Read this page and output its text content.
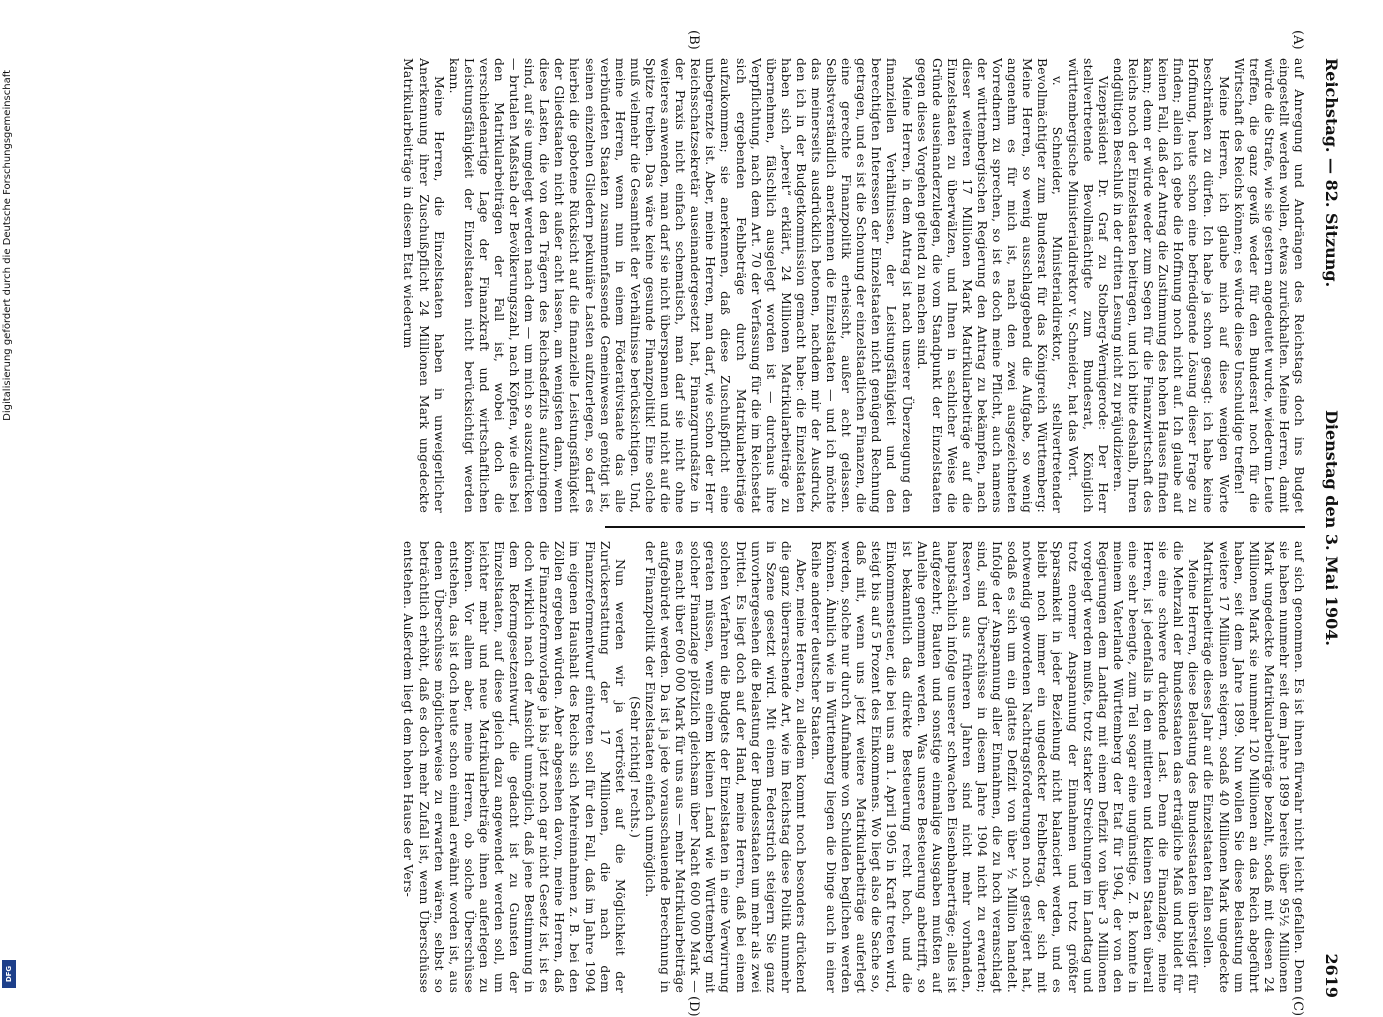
Reichstag. — 82. Sitzung.
Dienstag den 3. Mai 1904.
2619
(A)
(B)
(C)
(D)

auf Anregung und Andrängen des Reichstags doch ins Budget eingestellt werden wollen, etwas zurückhalten. Meine Herren, damit würde die Strafe, wie sie gestern angedeutet wurde, wiederum Leute treffen, die ganz gewiß weder für den Bundesrat noch für die Wirtschaft des Reichs können; es würde diese Unschuldige treffen!

Meine Herren, ich glaube mich auf diese wenigen Worte beschränken zu dürfen. Ich habe ja schon gesagt: ich habe keine Hoffnung, heute schon eine befriedigende Lösung dieser Frage zu finden; allein ich gebe die Hoffnung noch nicht auf. Ich glaube auf keinen Fall, daß der Antrag die Zustimmung des hohen Hauses finden kann; denn er würde weder zum Segen für die Finanzwirtschaft des Reichs noch der Einzelstaaten beitragen, und ich bitte deshalb, Ihren endgültigen Beschluß in der dritten Lesung nicht zu präjudizieren.

Vizepräsident Dr. Graf zu Stolberg-Wernigerode: Der Herr stellvertretende Bevollmächtigte zum Bundesrat, Königlich württembergische Ministerialdirektor v. Schneider, hat das Wort.

v. Schneider, Ministerialdirektor, stellvertretender Bevollmächtigter zum Bundesrat für das Königreich Württemberg: Meine Herren, so wenig ausschlaggebend die Aufgabe, so wenig angenehm es für mich ist, nach den zwei ausgezeichneten Vorrednern zu sprechen, so ist es doch meine Pflicht, auch namens der württembergischen Regierung den Antrag zu bekämpfen, nach dieser weiteren 17 Millionen Mark Matrikularbeiträge auf die Einzelstaaten zu überwälzen, und Ihnen in sachlicher Weise die Gründe auseinanderzulegen, die vom Standpunkt der Einzelstaaten gegen dieses Vorgehen geltend zu machen sind.

Meine Herren, in dem Antrag ist nach unserer Überzeugung den finanziellen Verhältnissen, der Leistungsfähigkeit und den berechtigten Interessen der Einzelstaaten nicht genügend Rechnung getragen, und es ist die Schonung der einzelstaatlichen Finanzen, die eine gerechte Finanzpolitik erheischt, außer acht gelassen. Selbstverständlich anerkennen die Einzelstaaten — und ich möchte das meinerseits ausdrücklich betonen, nachdem mir der Ausdruck, den ich in der Budgetkommission gemacht habe: die Einzelstaaten haben sich „bereit“ erklärt, 24 Millionen Matrikularbeiträge zu übernehmen, fälschlich ausgelegt worden ist — durchaus ihre Verpflichtung, nach dem Art. 70 der Verfassung für die im Reichsetat sich ergebenden Fehlbeträge durch Matrikularbeiträge aufzukommen; sie anerkennen, daß diese Zuschußpflicht eine unbegrenzte ist. Aber, meine Herren, man darf, wie schon der Herr Reichsschatzsekretär auseinandergesetzt hat, Finanzgrundsätze in der Praxis nicht einfach schematisch, man darf sie nicht ohne weiteres anwenden, man darf sie nicht überspannen und nicht auf die Spitze treiben. Das wäre keine gesunde Finanzpolitik! Eine solche muß vielmehr die Gesamtheit der Verhältnisse berücksichtigen. Und, meine Herren, wenn nun in einem Föderativstaate das alle verbündeten Staaten zusammenfassende Gemeinwesen genötigt ist, seinen einzelnen Gliedern pekuniäre Lasten aufzuerlegen, so darf es hierbei die gebotene Rücksicht auf die finanzielle Leistungsfähigkeit der Gliedstaaten nicht außer acht lassen, am wenigsten dann, wenn diese Lasten, die von den Trägern des Reichsdefizits aufzubringen sind, auf sie umgelegt werden nach dem — um mich so auszudrücken — brutalen Maßstab der Bevölkerungszahl, nach Köpfen, wie dies bei den Matrikularbeiträgen der Fall ist, wobei doch die verschiedenartige Lage der Finanzkraft und wirtschaftlichen Leistungsfähigkeit der Einzelstaaten nicht berücksichtigt werden kann.

Meine Herren, die Einzelstaaten haben in unweigerlicher Anerkennung ihrer Zuschußpflicht 24 Millionen Mark ungedeckte Matrikularbeiträge in diesem Etat wiederum

auf sich genommen. Es ist ihnen fürwahr nicht leicht gefallen. Denn sie haben nunmehr seit dem Jahre 1899 bereits über 95½ Millionen Mark ungedeckte Matrikularbeiträge bezahlt, sodaß mit diesen 24 Millionen Mark sie nunmehr 120 Millionen an das Reich abgeführt haben, seit dem Jahre 1899. Nun wollen Sie diese Belastung um weitere 17 Millionen steigern, sodaß 40 Millionen Mark ungedeckte Matrikularbeiträge dieses Jahr auf die Einzelstaaten fallen sollen.

Meine Herren, diese Belastung des Bundesstaaten übersteigt für die Mehrzahl der Bundesstaaten das erträgliche Maß und bildet für sie eine schwere drückende Last. Denn die Finanzlage, meine Herren, ist jedenfalls in den mittleren und kleinen Staaten überall eine sehr beengte, zum Teil sogar eine ungünstige. Z. B. konnte in meinem Vaterlande Württemberg der Etat für 1904, der von den Regierungen dem Landtag mit einem Defizit von über 3 Millionen vorgelegt werden mußte, trotz starker Streichungen im Landtag und trotz enormer Anspannung der Einnahmen und trotz größter Sparsamkeit in jeder Beziehung nicht balanciert werden, und es bleibt noch immer ein ungedeckter Fehlbetrag, der sich mit notwendig gewordenen Nachtragsforderungen noch gesteigert hat, sodaß es sich um ein glattes Defizit von über ½ Million handelt. Infolge der Anspannung aller Einnahmen, die zu hoch veranschlagt sind, sind Überschüsse in diesem Jahre 1904 nicht zu erwarten; Reserven aus früheren Jahren sind nicht mehr vorhanden, hauptsächlich infolge unserer schwachen Eisenbahnerträge; alles ist aufgezehrt; Bauten und sonstige einmalige Ausgaben mußten auf Anleihe genommen werden. Was unsere Besteuerung anbetrifft, so ist bekanntlich das direkte Besteuerung recht hoch, und die Einkommensteuer, die bei uns am 1. April 1905 in Kraft treten wird, steigt bis auf 5 Prozent des Einkommens. Wo liegt also die Sache so, daß mit, wenn uns jetzt weitere Matrikularbeiträge auferlegt werden, solche nur durch Aufnahme von Schulden beglichen werden können. Ähnlich wie in Württemberg liegen die Dinge auch in einer Reihe anderer deutscher Staaten.

Aber, meine Herren, zu alledem kommt noch besonders drückend die ganz überraschende Art, wie im Reichstag diese Politik nunmehr in Szene gesetzt wird. Mit einem Federstrich steigern Sie ganz unvorhergesehen die Belastung der Bundesstaaten um mehr als zwei Drittel. Es liegt doch auf der Hand, meine Herren, daß bei einem solchen Verfahren die Budgets der Einzelstaaten in eine Verwirrung geraten müssen, wenn einem kleinen Land wie Württemberg mit solcher Finanzlage plötzlich gleichsam über Nacht 600 000 Mark — es macht über 600 000 Mark für uns aus — mehr Matrikularbeiträge aufgebürdet werden. Da ist ja jede vorausschauende Berechnung in der Finanzpolitik der Einzelstaaten einfach unmöglich.

(Sehr richtig! rechts.)

Nun werden wir ja vertröstet auf die Möglichkeit der Zurückerstattung der 17 Millionen, die nach dem Finanzreformentwurf eintreten soll für den Fall, daß im Jahre 1904 im eigenen Haushalt des Reichs sich Mehreinnahmen z. B. bei den Zöllen ergeben würden. Aber abgesehen davon, meine Herren, daß die Finanzreformvorlage ja bis jetzt noch gar nicht Gesetz ist, ist es doch wirklich nach der Ansicht unmöglich, daß jene Bestimmung in dem Reformgesetzentwurf, die gedacht ist zu Gunsten der Einzelstaaten, auf diese gleich dazu angewendet werden soll, um leichter mehr und neue Matrikularbeiträge ihnen auferlegen zu können. Vor allem aber, meine Herren, ob solche Überschüsse entstehen, das ist doch heute schon einmal erwähnt worden ist, aus denen Überschüsse möglicherweise zu erwarten wären, selbst so beträchtlich erhöht, daß es doch mehr Zufall ist, wenn Überschüsse entstehen. Außerdem liegt dem hohen Hause der Vers-

Digitalisierung gefördert durch die Deutsche Forschungsgemeinschaft
DFG
